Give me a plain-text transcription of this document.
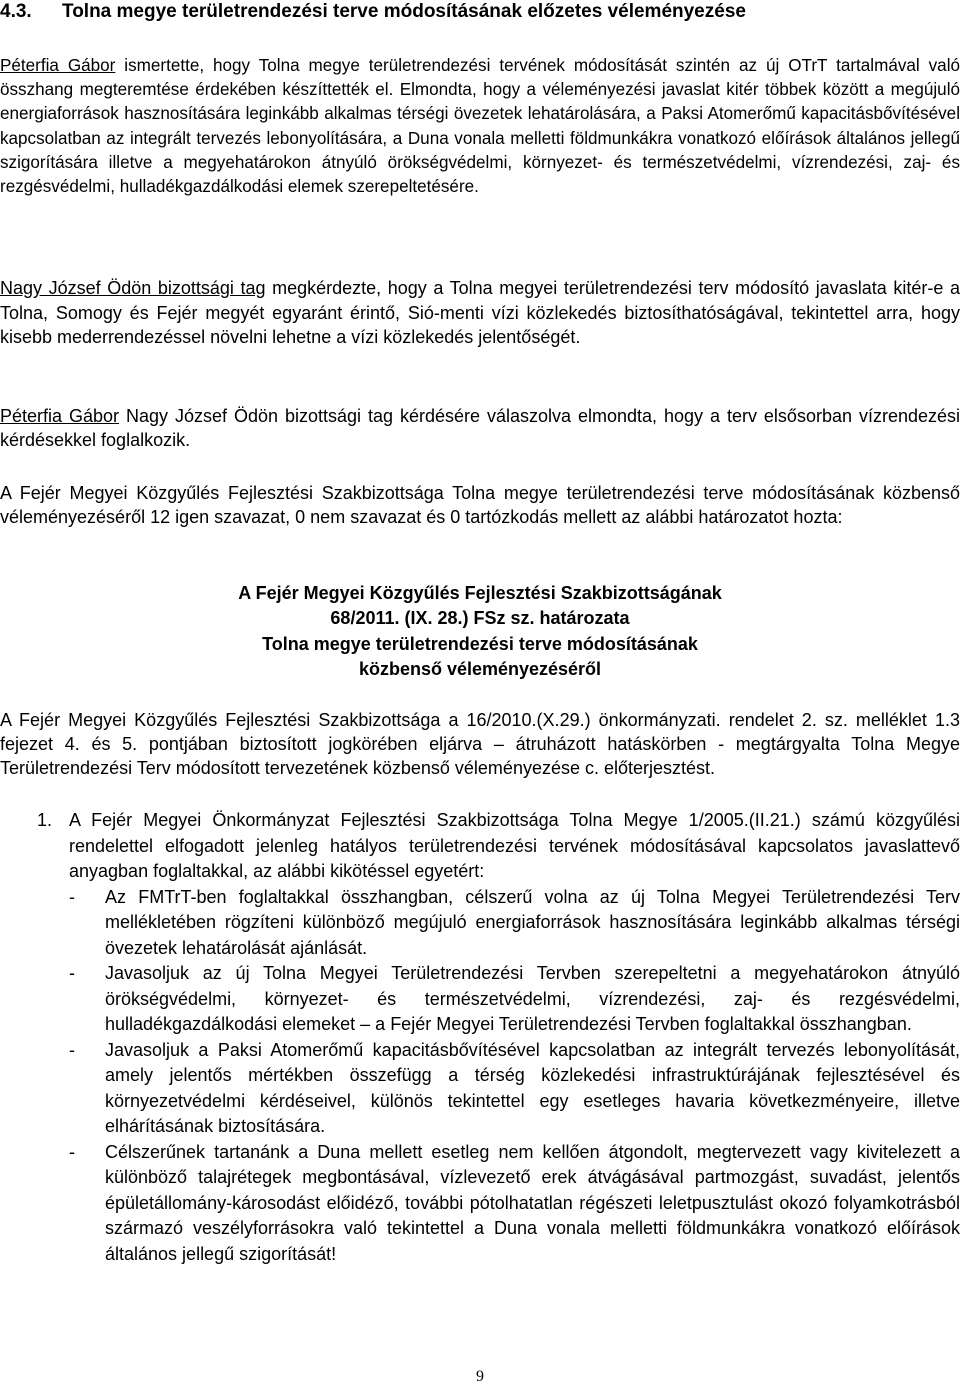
4.3. Tolna megye területrendezési terve módosításának előzetes véleményezése
Péterfia Gábor ismertette, hogy Tolna megye területrendezési tervének módosítását szintén az új OTrT tartalmával való összhang megteremtése érdekében készíttették el. Elmondta, hogy a véleményezési javaslat kitér többek között a megújuló energiaforrások hasznosítására leginkább alkalmas térségi övezetek lehatárolására, a Paksi Atomerőmű kapacitásbővítésével kapcsolatban az integrált tervezés lebonyolítására, a Duna vonala melletti földmunkákra vonatkozó előírások általános jellegű szigorítására illetve a megyehatárokon átnyúló örökségvédelmi, környezet- és természetvédelmi, vízrendezési, zaj- és rezgésvédelmi, hulladékgazdálkodási elemek szerepeltetésére.
Nagy József Ödön bizottsági tag megkérdezte, hogy a Tolna megyei területrendezési terv módosító javaslata kitér-e a Tolna, Somogy és Fejér megyét egyaránt érintő, Sió-menti vízi közlekedés biztosíthatóságával, tekintettel arra, hogy kisebb mederrendezéssel növelni lehetne a vízi közlekedés jelentőségét.
Péterfia Gábor Nagy József Ödön bizottsági tag kérdésére válaszolva elmondta, hogy a terv elsősorban vízrendezési kérdésekkel foglalkozik.
A Fejér Megyei Közgyűlés Fejlesztési Szakbizottsága Tolna megye területrendezési terve módosításának közbenső véleményezéséről 12 igen szavazat, 0 nem szavazat és 0 tartózkodás mellett az alábbi határozatot hozta:
A Fejér Megyei Közgyűlés Fejlesztési Szakbizottságának
68/2011. (IX. 28.) FSz sz. határozata
Tolna megye területrendezési terve módosításának
közbenső véleményezéséről
A Fejér Megyei Közgyűlés Fejlesztési Szakbizottsága a 16/2010.(X.29.) önkormányzati. rendelet 2. sz. melléklet 1.3 fejezet 4. és 5. pontjában biztosított jogkörében eljárva – átruházott hatáskörben - megtárgyalta Tolna Megye Területrendezési Terv módosított tervezetének közbenső véleményezése c. előterjesztést.
1. A Fejér Megyei Önkormányzat Fejlesztési Szakbizottsága Tolna Megye 1/2005.(II.21.) számú közgyűlési rendelettel elfogadott jelenleg hatályos területrendezési tervének módosításával kapcsolatos javaslattevő anyagban foglaltakkal, az alábbi kikötéssel egyetért:
- Az FMTrT-ben foglaltakkal összhangban, célszerű volna az új Tolna Megyei Területrendezési Terv mellékletében rögzíteni különböző megújuló energiaforrások hasznosítására leginkább alkalmas térségi övezetek lehatárolását ajánlását.
- Javasoljuk az új Tolna Megyei Területrendezési Tervben szerepeltetni a megyehatárokon átnyúló örökségvédelmi, környezet- és természetvédelmi, vízrendezési, zaj- és rezgésvédelmi, hulladékgazdálkodási elemeket – a Fejér Megyei Területrendezési Tervben foglaltakkal összhangban.
- Javasoljuk a Paksi Atomerőmű kapacitásbővítésével kapcsolatban az integrált tervezés lebonyolítását, amely jelentős mértékben összefügg a térség közlekedési infrastruktúrájának fejlesztésével és környezetvédelmi kérdéseivel, különös tekintettel egy esetleges havaria következményeire, illetve elhárításának biztosítására.
- Célszerűnek tartanánk a Duna mellett esetleg nem kellően átgondolt, megtervezett vagy kivitelezett a különböző talajrétegek megbontásával, vízlevezető erek átvágásával partmozgást, suvadást, jelentős épületállomány-károsodást előidéző, további pótolhatatlan régészeti leletpusztulást okozó folyamkotrásból származó veszélyforrásokra való tekintettel a Duna vonala melletti földmunkákra vonatkozó előírások általános jellegű szigorítását!
9
